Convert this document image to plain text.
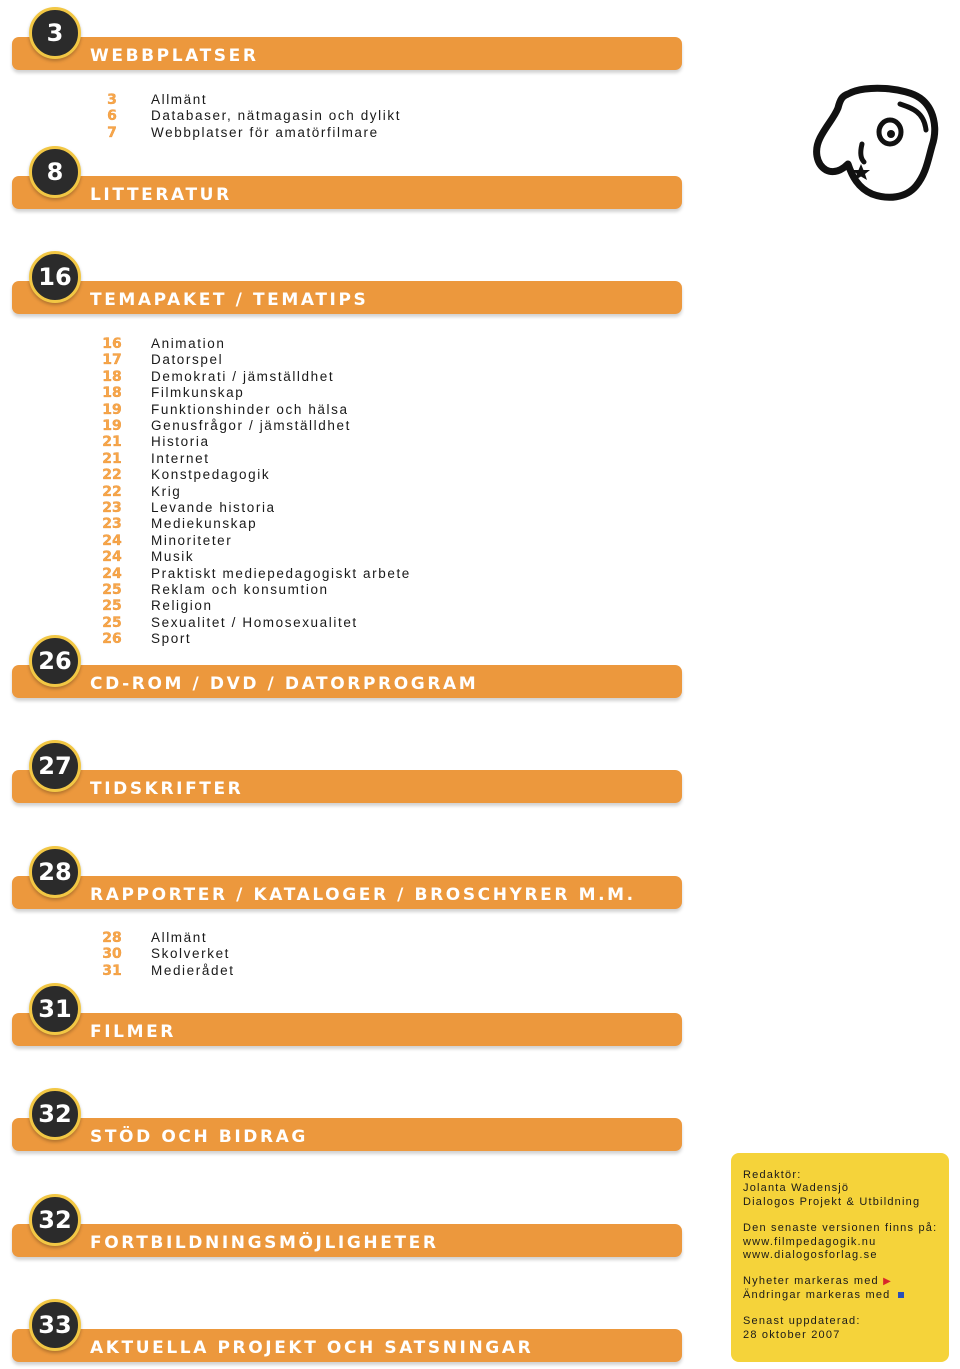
WEBBPLATSER
3
3	Allmänt
6	Databaser, nätmagasin och dylikt
7	Webbplatser för amatörfilmare
LITTERATUR
8
TEMAPAKET / TEMATIPS
16
16 Animation
17 Datorspel
18 Demokrati / jämställdhet
18 Filmkunskap
19 Funktionshinder och hälsa
19 Genusfrågor / jämställdhet
21 Historia
21 Internet
22 Konstpedagogik
22 Krig
23 Levande historia
23 Mediekunskap
24 Minoriteter
24 Musik
24 Praktiskt mediepedagogiskt arbete
25 Reklam och konsumtion
25 Religion
25 Sexualitet / Homosexualitet
26 Sport
CD-ROM / DVD / DATORPROGRAM
26
TIDSKRIFTER
27
RAPPORTER / KATALOGER / BROSCHYRER M.M.
28
28 Allmänt
30 Skolverket
31 Medierådet
FILMER
31
STÖD OCH BIDRAG
32
FORTBILDNINGSMÖJLIGHETER
32
AKTUELLA PROJEKT OCH SATSNINGAR
33
Redaktör:
Jolanta Wadensjö
Dialogos Projekt & Utbildning
Den senaste versionen finns på:
www.filmpedagogik.nu
www.dialogosforlag.se
Nyheter markeras med ▶
Ändringar markeras med
Senast uppdaterad:
28 oktober 2007
